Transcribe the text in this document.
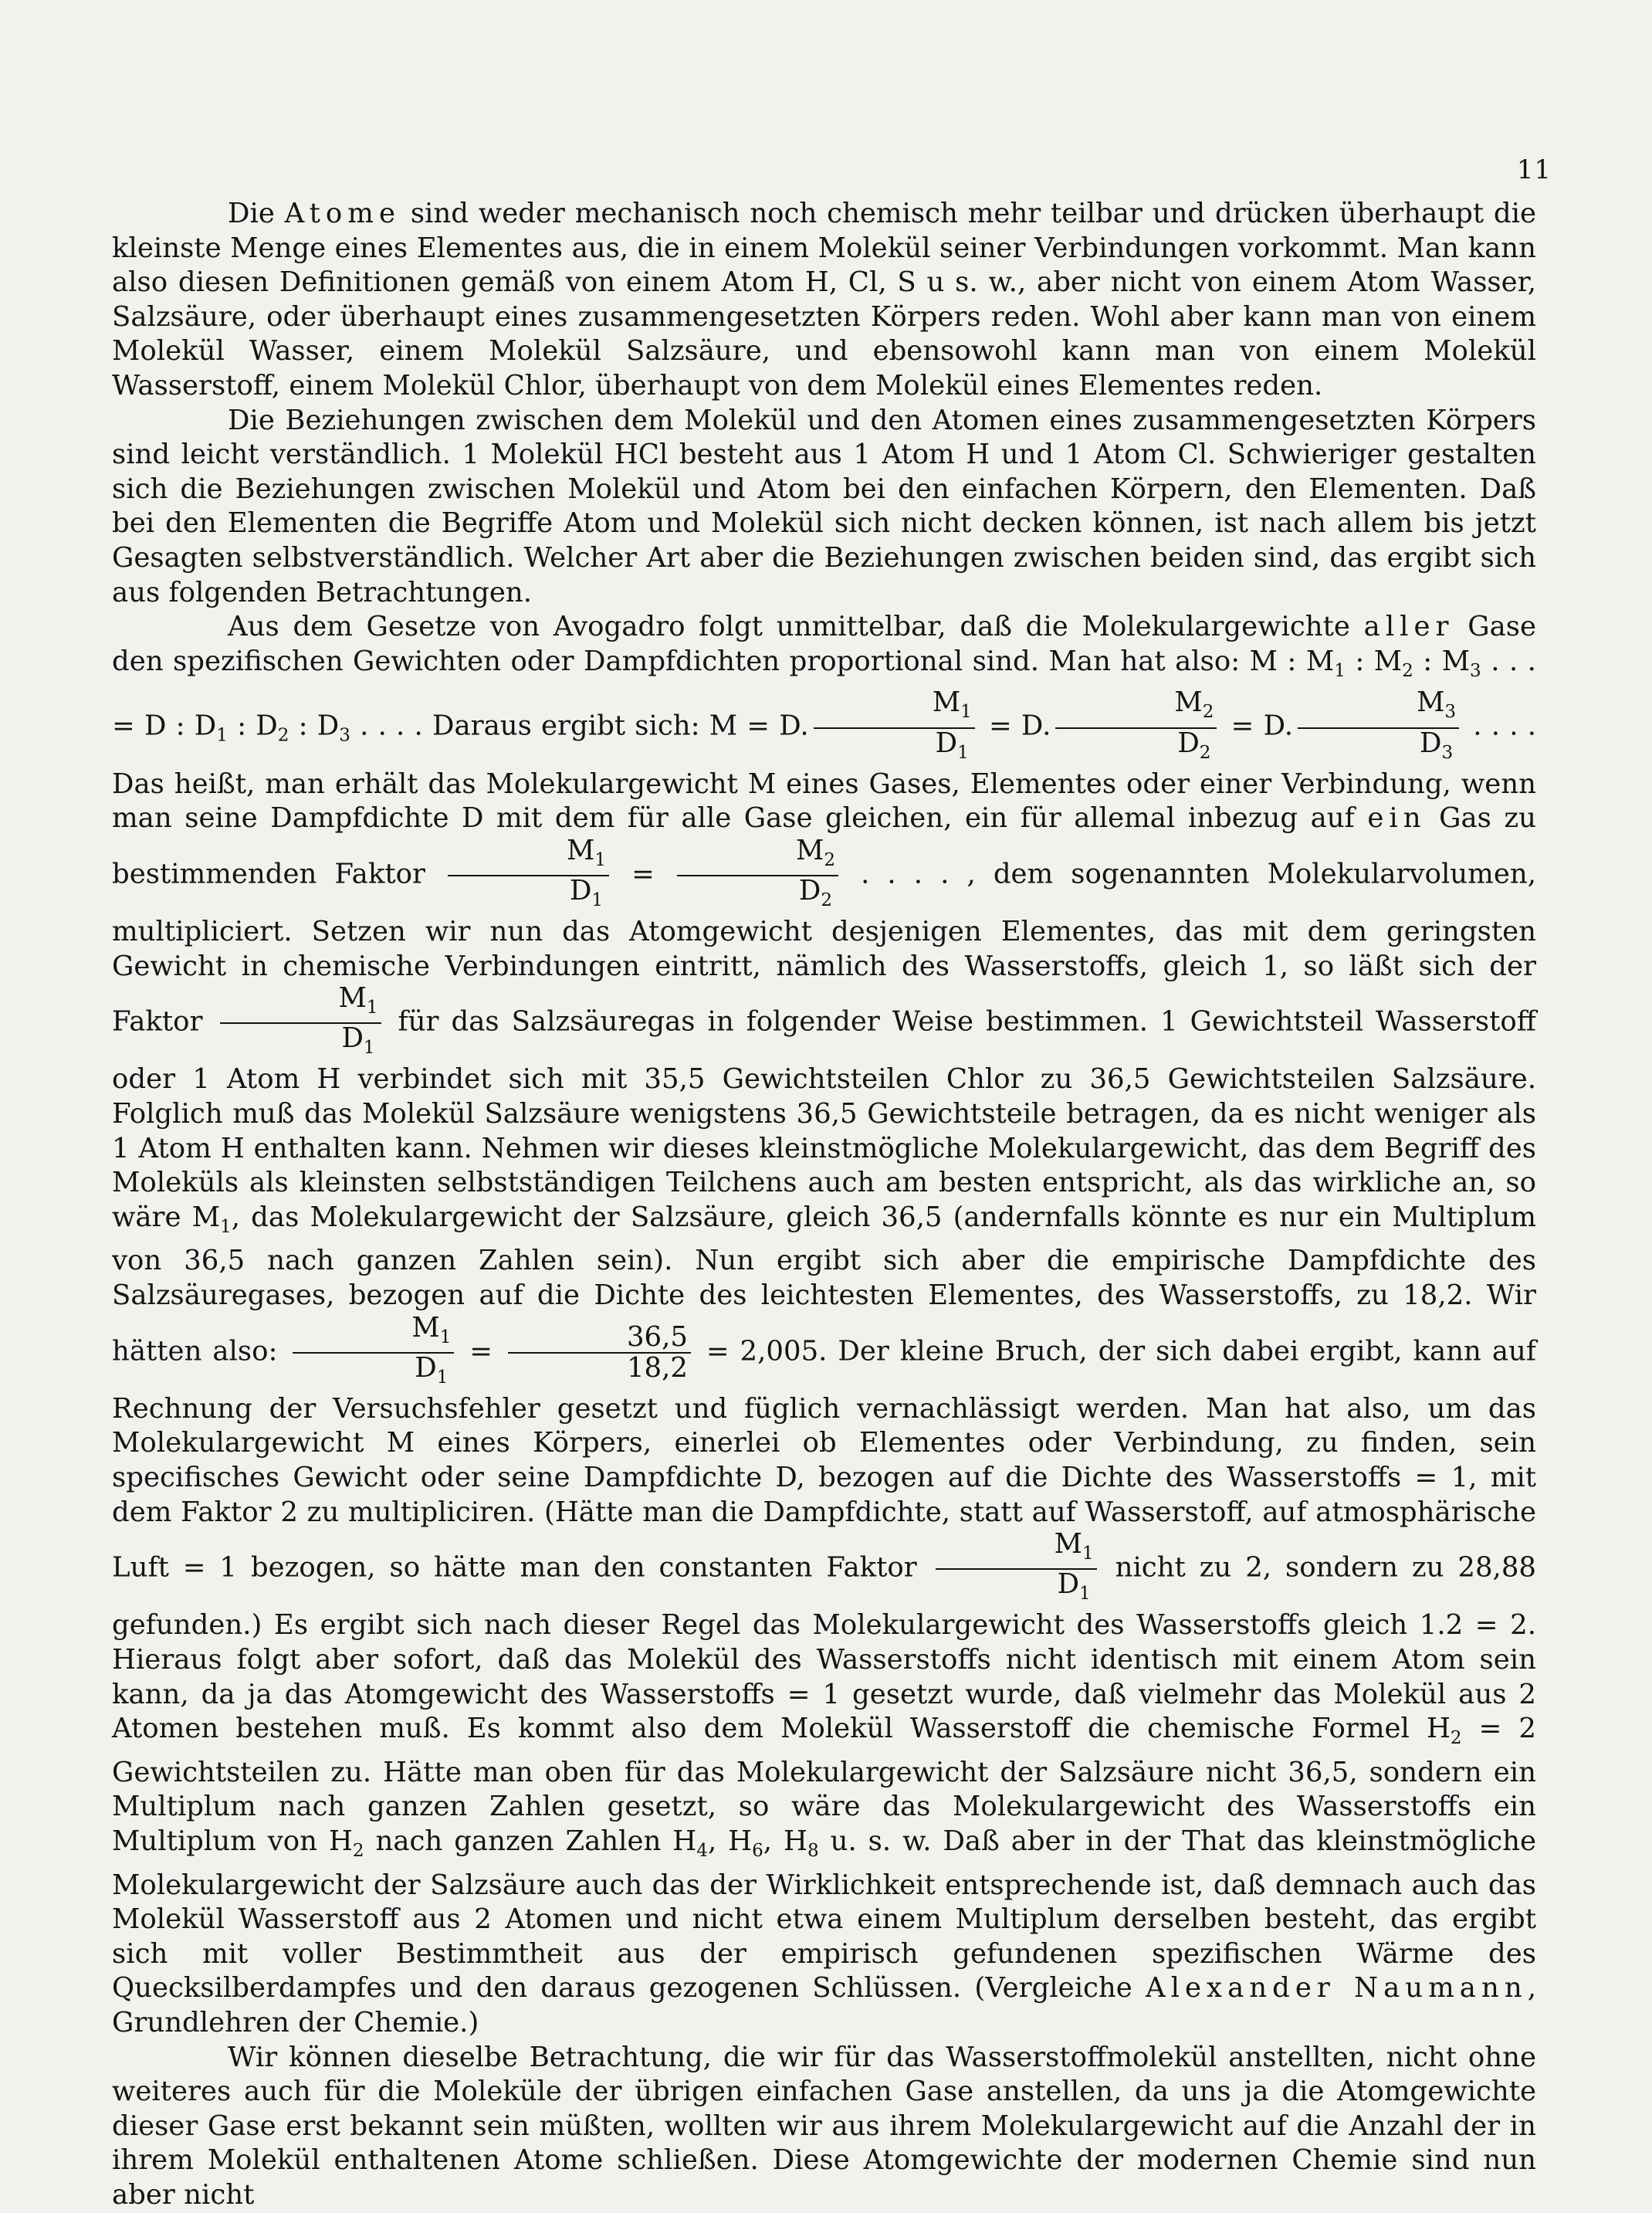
11

Die Atome sind weder mechanisch noch chemisch mehr teilbar und drücken überhaupt die kleinste Menge eines Elementes aus, die in einem Molekül seiner Verbindungen vorkommt. Man kann also diesen Definitionen gemäß von einem Atom H, Cl, S u s. w., aber nicht von einem Atom Wasser, Salzsäure, oder überhaupt eines zusammengesetzten Körpers reden. Wohl aber kann man von einem Molekül Wasser, einem Molekül Salzsäure, und ebensowohl kann man von einem Molekül Wasserstoff, einem Molekül Chlor, überhaupt von dem Molekül eines Elementes reden.

Die Beziehungen zwischen dem Molekül und den Atomen eines zusammengesetzten Körpers sind leicht verständlich. 1 Molekül HCl besteht aus 1 Atom H und 1 Atom Cl. Schwieriger gestalten sich die Beziehungen zwischen Molekül und Atom bei den einfachen Körpern, den Elementen. Daß bei den Elementen die Begriffe Atom und Molekül sich nicht decken können, ist nach allem bis jetzt Gesagten selbstverständlich. Welcher Art aber die Beziehungen zwischen beiden sind, das ergibt sich aus folgenden Betrachtungen.

Aus dem Gesetze von Avogadro folgt unmittelbar, daß die Molekulargewichte aller Gase den spezifischen Gewichten oder Dampfdichten proportional sind. Man hat also: M : $M_1$ : $M_2$ : $M_3$ . . . = D : $D_1$ : $D_2$ : $D_3$ . . . . Daraus ergibt sich: M = D. $\frac{M_1}{D_1} = D$. $\frac{M_2}{D_2} = D$. $\frac{M_3}{D_3}$ . . . . Das heißt, man erhält das Molekulargewicht M eines Gases, Elementes oder einer Verbindung, wenn man seine Dampfdichte D mit dem für alle Gase gleichen, ein für allemal inbezug auf ein Gas zu bestimmenden Faktor $\frac{M_1}{D_1} = \frac{M_2}{D_2}$ . . . . , dem sogenannten Molekularvolumen, multipliciert. Setzen wir nun das Atomgewicht desjenigen Elementes, das mit dem geringsten Gewicht in chemische Verbindungen eintritt, nämlich des Wasserstoffs, gleich 1, so läßt sich der Faktor $\frac{M_1}{D_1}$ für das Salzsäuregas in folgender Weise bestimmen. 1 Gewichtsteil Wasserstoff oder 1 Atom H verbindet sich mit 35,5 Gewichtsteilen Chlor zu 36,5 Gewichtsteilen Salzsäure. Folglich muß das Molekül Salzsäure wenigstens 36,5 Gewichtsteile betragen, da es nicht weniger als 1 Atom H enthalten kann. Nehmen wir dieses kleinstmögliche Molekulargewicht, das dem Begriff des Moleküls als kleinsten selbstständigen Teilchens auch am besten entspricht, als das wirkliche an, so wäre $M_1$, das Molekulargewicht der Salzsäure, gleich 36,5 (andernfalls könnte es nur ein Multiplum von 36,5 nach ganzen Zahlen sein). Nun ergibt sich aber die empirische Dampfdichte des Salzsäuregases, bezogen auf die Dichte des leichtesten Elementes, des Wasserstoffs, zu 18,2. Wir hätten also: $\frac{M_1}{D_1} = \frac{36,5}{18,2} = 2,005$. Der kleine Bruch, der sich dabei ergibt, kann auf Rechnung der Versuchsfehler gesetzt und füglich vernachlässigt werden. Man hat also, um das Molekulargewicht M eines Körpers, einerlei ob Elementes oder Verbindung, zu finden, sein specifisches Gewicht oder seine Dampfdichte D, bezogen auf die Dichte des Wasserstoffs = 1, mit dem Faktor 2 zu multipliciren. (Hätte man die Dampfdichte, statt auf Wasserstoff, auf atmosphärische Luft = 1 bezogen, so hätte man den constanten Faktor $\frac{M_1}{D_1}$ nicht zu 2, sondern zu 28,88 gefunden.) Es ergibt sich nach dieser Regel das Molekulargewicht des Wasserstoffs gleich 1.2 = 2. Hieraus folgt aber sofort, daß das Molekül des Wasserstoffs nicht identisch mit einem Atom sein kann, da ja das Atomgewicht des Wasserstoffs = 1 gesetzt wurde, daß vielmehr das Molekül aus 2 Atomen bestehen muß. Es kommt also dem Molekül Wasserstoff die chemische Formel $H_2 = 2$ Gewichtsteilen zu. Hätte man oben für das Molekulargewicht der Salzsäure nicht 36,5, sondern ein Multiplum nach ganzen Zahlen gesetzt, so wäre das Molekulargewicht des Wasserstoffs ein Multiplum von $H_2$ nach ganzen Zahlen $H_4$, $H_6$, $H_8$ u. s. w. Daß aber in der That das kleinstmögliche Molekulargewicht der Salzsäure auch das der Wirklichkeit entsprechende ist, daß demnach auch das Molekül Wasserstoff aus 2 Atomen und nicht etwa einem Multiplum derselben besteht, das ergibt sich mit voller Bestimmtheit aus der empirisch gefundenen spezifischen Wärme des Quecksilberdampfes und den daraus gezogenen Schlüssen. (Vergleiche Alexander Naumann, Grundlehren der Chemie.)

Wir können dieselbe Betrachtung, die wir für das Wasserstoffmolekül anstellten, nicht ohne weiteres auch für die Moleküle der übrigen einfachen Gase anstellen, da uns ja die Atomgewichte dieser Gase erst bekannt sein müßten, wollten wir aus ihrem Molekulargewicht auf die Anzahl der in ihrem Molekül enthaltenen Atome schließen. Diese Atomgewichte der modernen Chemie sind nun aber nicht
